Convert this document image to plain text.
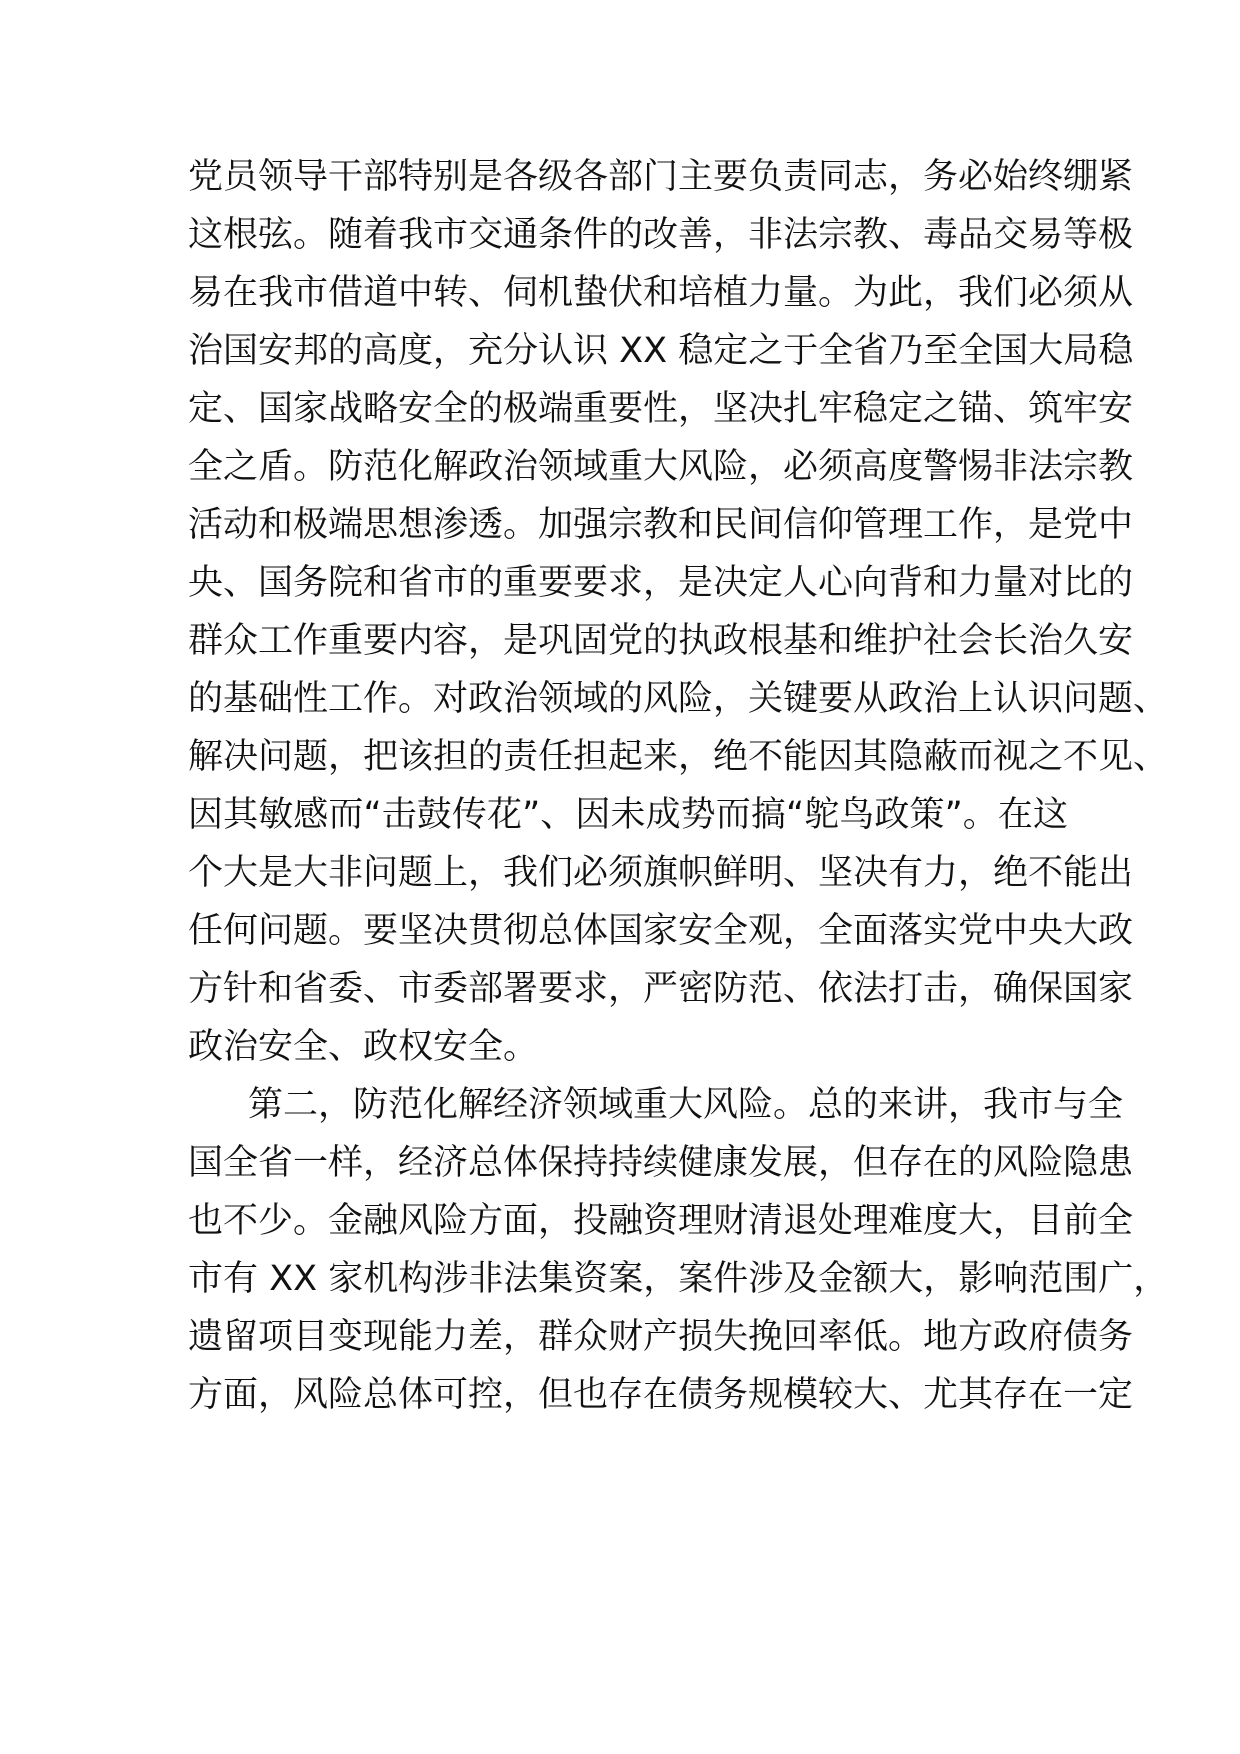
党员领导干部特别是各级各部门主要负责同志，务必始终绷紧
这根弦。随着我市交通条件的改善，非法宗教、毒品交易等极
易在我市借道中转、伺机蛰伏和培植力量。为此，我们必须从
治国安邦的高度，充分认识 XX 稳定之于全省乃至全国大局稳
定、国家战略安全的极端重要性，坚决扎牢稳定之锚、筑牢安
全之盾。防范化解政治领域重大风险，必须高度警惕非法宗教
活动和极端思想渗透。加强宗教和民间信仰管理工作，是党中
央、国务院和省市的重要要求，是决定人心向背和力量对比的
群众工作重要内容，是巩固党的执政根基和维护社会长治久安
的基础性工作。对政治领域的风险，关键要从政治上认识问题、
解决问题，把该担的责任担起来，绝不能因其隐蔽而视之不见、
因其敏感而“击鼓传花”、因未成势而搞“鸵鸟政策”。在这
个大是大非问题上，我们必须旗帜鲜明、坚决有力，绝不能出
任何问题。要坚决贯彻总体国家安全观，全面落实党中央大政
方针和省委、市委部署要求，严密防范、依法打击，确保国家
政治安全、政权安全。
第二，防范化解经济领域重大风险。总的来讲，我市与全
国全省一样，经济总体保持持续健康发展，但存在的风险隐患
也不少。金融风险方面，投融资理财清退处理难度大，目前全
市有 XX 家机构涉非法集资案，案件涉及金额大，影响范围广，
遗留项目变现能力差，群众财产损失挽回率低。地方政府债务
方面，风险总体可控，但也存在债务规模较大、尤其存在一定
